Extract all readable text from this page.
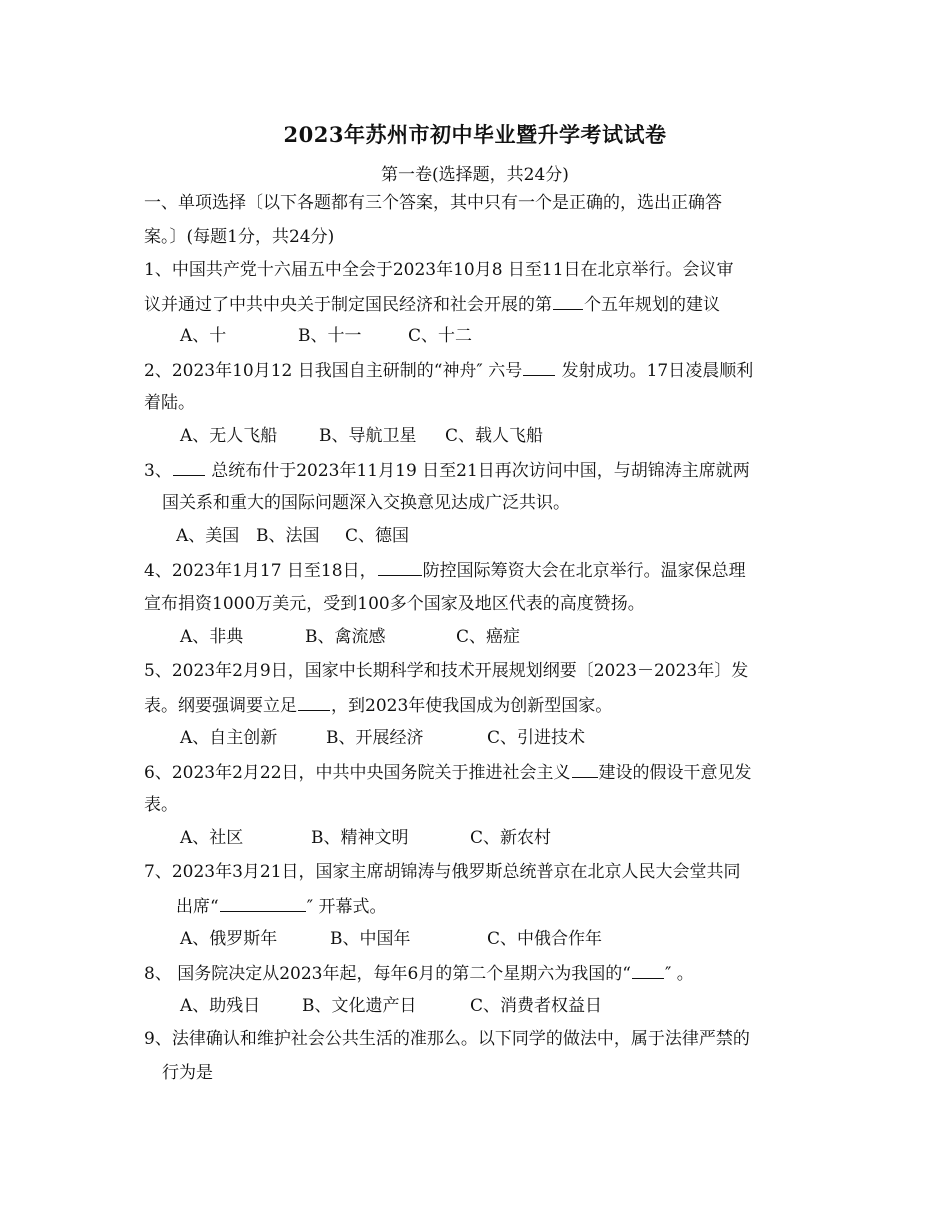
2023年苏州市初中毕业暨升学考试试卷
第一卷(选择题，共24分)
一、单项选择〔以下各题都有三个答案，其中只有一个是正确的，选出正确答
案。〕(每题1分，共24分)
1、中国共产党十六届五中全会于2023年10月8 日至11日在北京举行。会议审
议并通过了中共中央关于制定国民经济和社会开展的第 个五年规划的建议
A、十	B、十一	C、十二
2、2023年10月12 日我国自主研制的“神舟″ 六号 发射成功。17日凌晨顺利
着陆。
A、无人飞船 B、导航卫星 C、载人飞船
3、 总统布什于2023年11月19 日至21日再次访问中国，与胡锦涛主席就两
国关系和重大的国际问题深入交换意见达成广泛共识。
A、美国 B、法国 C、德国
4、2023年1月17 日至18日，	防控国际筹资大会在北京举行。温家保总理
宣布捐资1000万美元，受到100多个国家及地区代表的高度赞扬。
A、非典	B、禽流感	C、癌症
5、2023年2月9日，国家中长期科学和技术开展规划纲要〔2023－2023年〕发
表。纲要强调要立足 ，到2023年使我国成为创新型国家。
A、自主创新	B、开展经济	C、引进技术
6、2023年2月22日，中共中央国务院关于推进社会主义 建设的假设干意见发
表。
A、社区	B、精神文明	C、新农村
7、2023年3月21日，国家主席胡锦涛与俄罗斯总统普京在北京人民大会堂共同
出席“	″ 开幕式。
A、俄罗斯年	B、中国年	C、中俄合作年
8、 国务院决定从2023年起，每年6月的第二个星期六为我国的“ ″ 。
A、助残日 B、文化遗产日	C、消费者权益日
9、法律确认和维护社会公共生活的准那么。以下同学的做法中，属于法律严禁的
行为是
